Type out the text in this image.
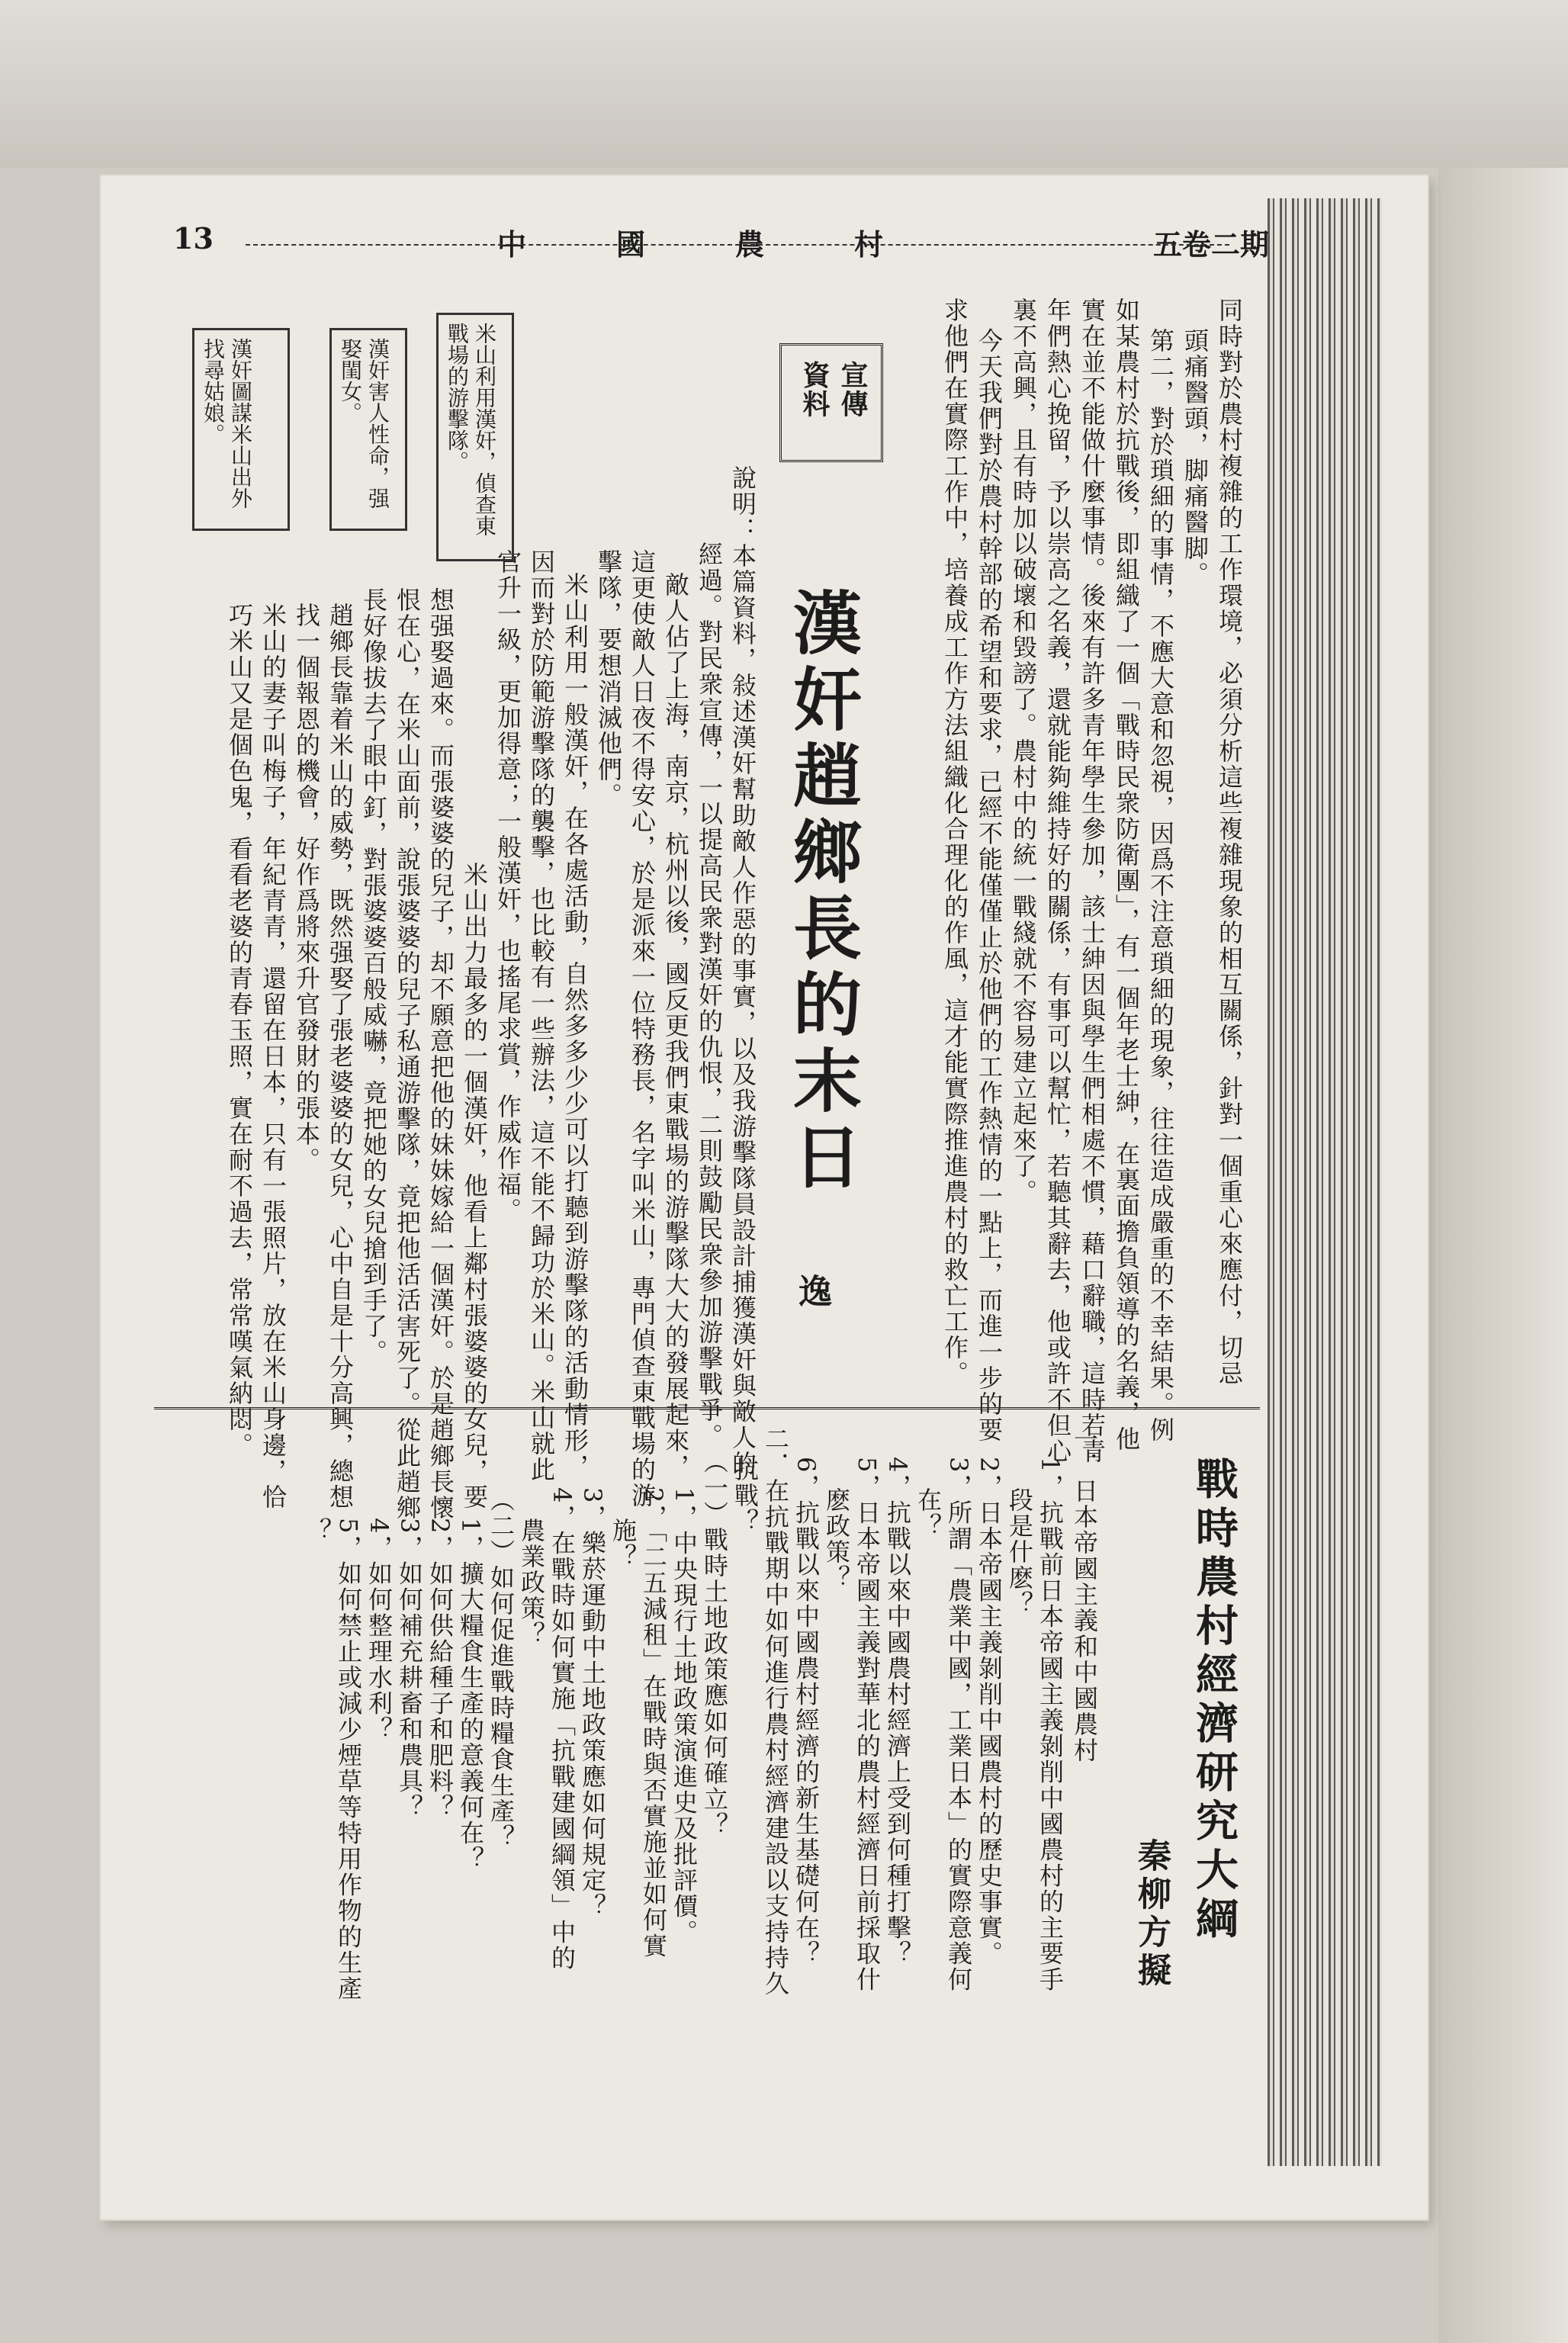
五卷二期
中　國　農　村
13
同時對於農村複雜的工作環境，必須分析這些複雜現象的相互關係，針對一個重心來應付，切忌
頭痛醫頭，脚痛醫脚。
第二，對於瑣細的事情，不應大意和忽視，因爲不注意瑣細的現象，往往造成嚴重的不幸結果。例
如某農村於抗戰後，即組織了一個「戰時民衆防衛團」，有一個年老士紳，在裏面擔負領導的名義，他
實在並不能做什麼事情。後來有許多青年學生參加，該士紳因與學生們相處不慣，藉口辭職，這時若青
年們熱心挽留，予以崇高之名義，還就能夠維持好的關係，有事可以幫忙，若聽其辭去，他或許不但心
裏不高興，且有時加以破壞和毀謗了。農村中的統一戰綫就不容易建立起來了。
今天我們對於農村幹部的希望和要求，已經不能僅僅止於他們的工作熱情的一點上，而進一步的要
求他們在實際工作中，培養成工作方法組織化合理化的作風，這才能實際推進農村的救亡工作。
宣傳
資料
漢奸趙鄉長的末日
逸
說明：本篇資料，敍述漢奸幫助敵人作惡的事實，以及我游擊隊員設計捕獲漢奸與敵人的
經過。對民衆宣傳，一以提高民衆對漢奸的仇恨，二則鼓勵民衆參加游擊戰爭。
敵人佔了上海，南京，杭州以後，國反更我們東戰場的游擊隊大大的發展起來，
這更使敵人日夜不得安心，於是派來一位特務長，名字叫米山，專門偵查東戰場的游
擊隊，要想消滅他們。
米山利用一般漢奸，在各處活動，自然多多少少可以打聽到游擊隊的活動情形，
因而對於防範游擊隊的襲擊，也比較有一些辦法，這不能不歸功於米山。米山就此
官升一級，更加得意；一般漢奸，也搖尾求賞，作威作福。
米山出力最多的一個漢奸，他看上鄰村張婆婆的女兒，要
想强娶過來。而張婆婆的兒子，却不願意把他的妹妹嫁給一個漢奸。於是趙鄉長懷
恨在心，在米山面前，說張婆婆的兒子私通游擊隊，竟把他活活害死了。從此趙鄉
長好像拔去了眼中釘，對張婆婆百般威嚇，竟把她的女兒搶到手了。
趙鄉長靠着米山的威勢，既然强娶了張老婆婆的女兒，心中自是十分高興，總想
找一個報恩的機會，好作爲將來升官發財的張本。
米山的妻子叫梅子，年紀青青，還留在日本，只有一張照片，放在米山身邊，恰
巧米山又是個色鬼，看看老婆的青春玉照，實在耐不過去，常常嘆氣納悶。
米山利用漢奸，偵查東戰場的游擊隊。
漢奸害人性命，强娶閨女。
漢奸圖謀米山出外找尋姑娘。
戰時農村經濟研究大綱
秦柳方擬
一．日本帝國主義和中國農村
1，抗戰前日本帝國主義剝削中國農村的主要手
段是什麽？
2，日本帝國主義剝削中國農村的歷史事實。
3，所謂「農業中國，工業日本」的實際意義何
在？
4，抗戰以來中國農村經濟上受到何種打擊？
5，日本帝國主義對華北的農村經濟日前採取什
麽政策？
6，抗戰以來中國農村經濟的新生基礎何在？
二．在抗戰期中如何進行農村經濟建設以支持持久
抗戰？
（一）戰時土地政策應如何確立？
1，中央現行土地政策演進史及批評價。
2，「二五減租」在戰時與否實施並如何實
施？
3，樂菸運動中土地政策應如何規定？
4，在戰時如何實施「抗戰建國綱領」中的
農業政策？
（二）如何促進戰時糧食生產？
1，擴大糧食生產的意義何在？
2，如何供給種子和肥料？
3，如何補充耕畜和農具？
4，如何整理水利？
5，如何禁止或減少煙草等特用作物的生產
？
